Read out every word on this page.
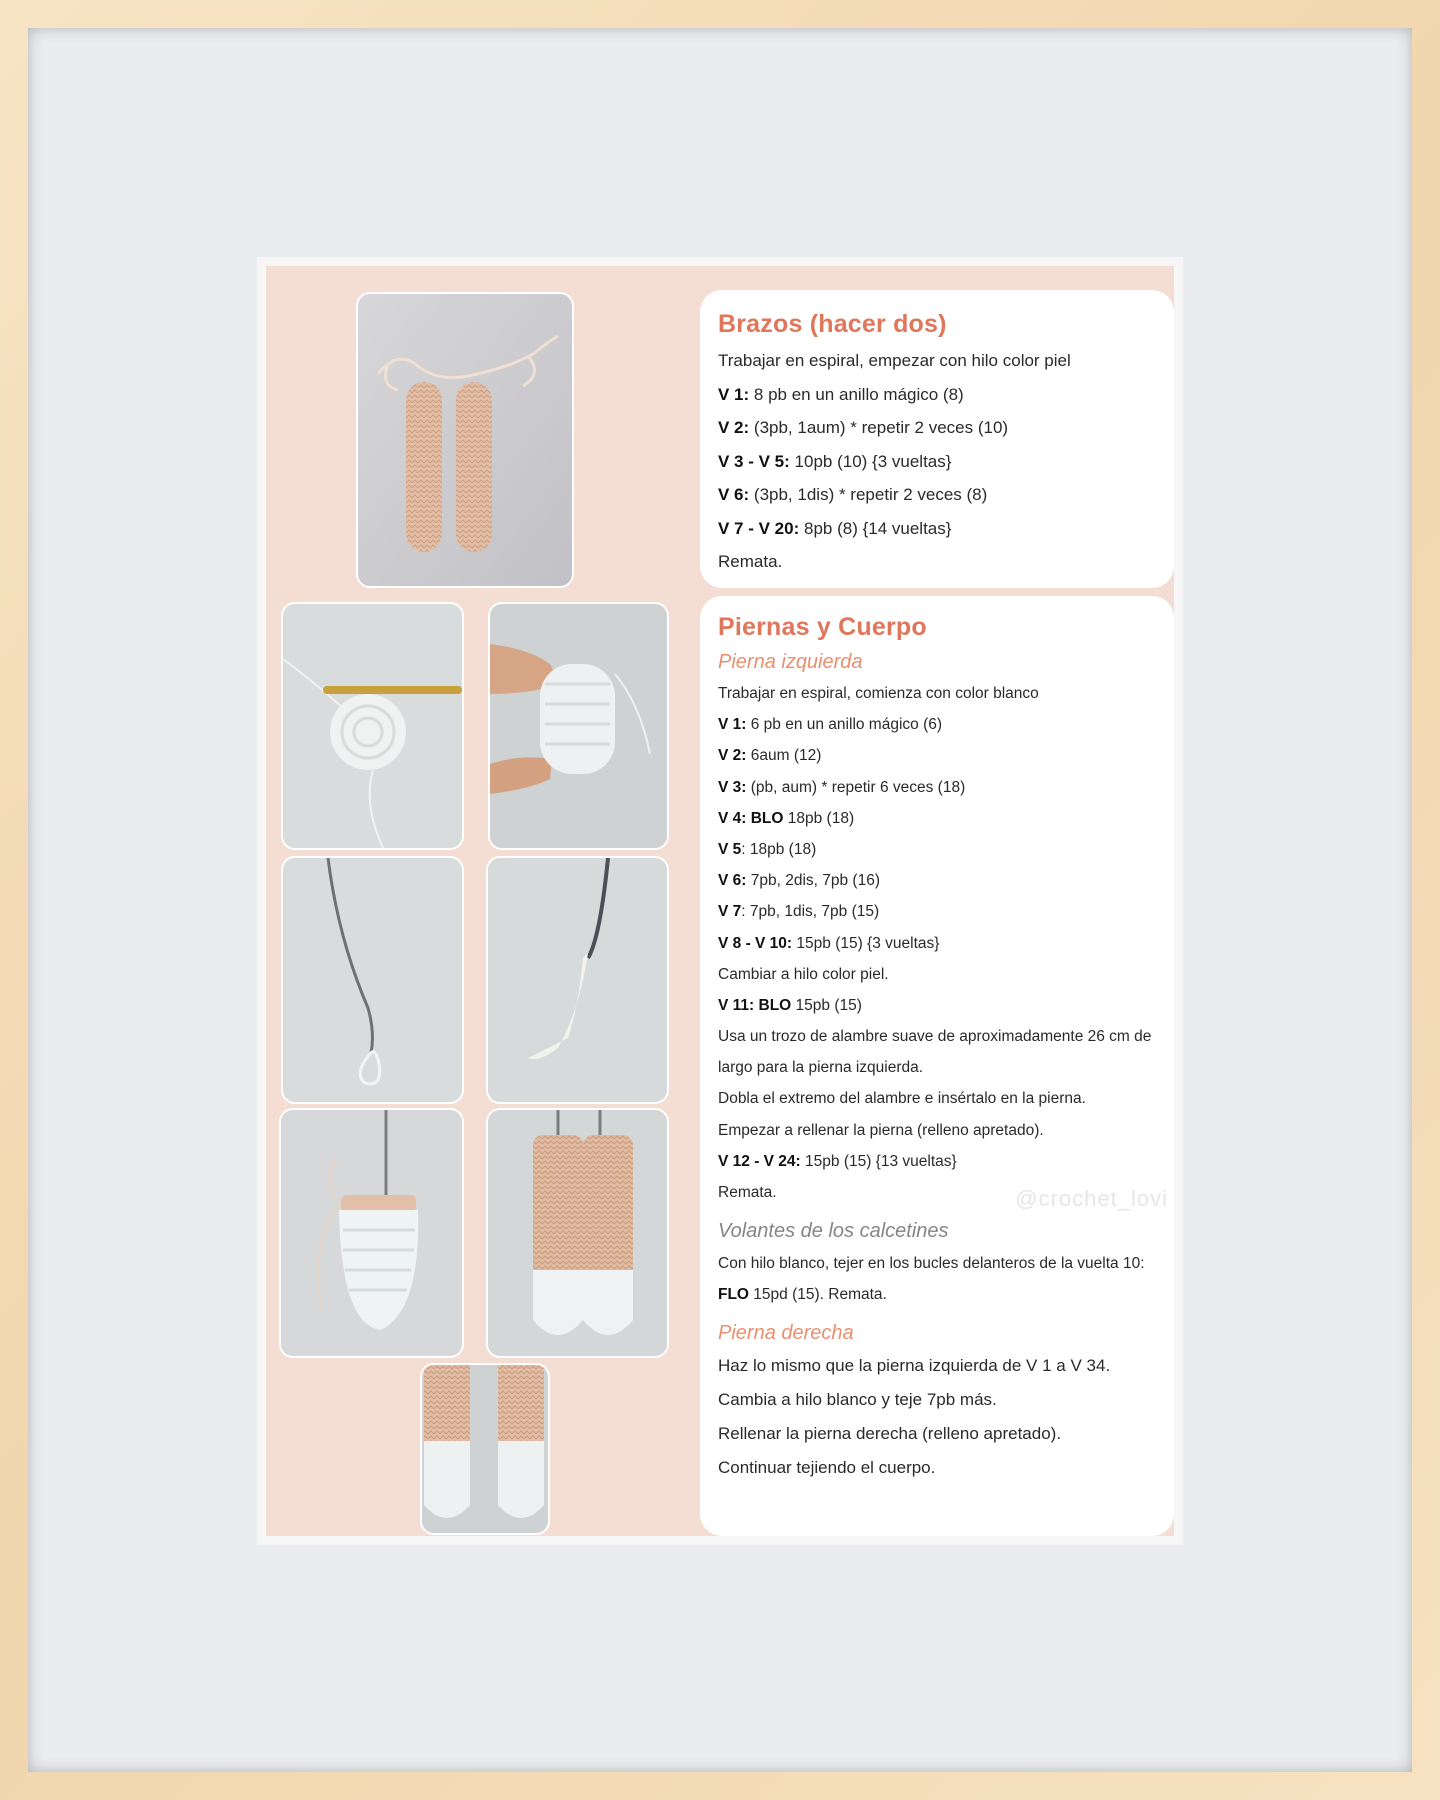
Brazos (hacer dos)
Trabajar en espiral, empezar con hilo color piel
V 1: 8 pb en un anillo mágico (8)
V 2: (3pb, 1aum) * repetir 2 veces (10)
V 3 - V 5: 10pb (10) {3 vueltas}
V 6: (3pb, 1dis) * repetir 2 veces (8)
V 7 - V 20: 8pb (8) {14 vueltas}
Remata.
Piernas y Cuerpo
Pierna izquierda
Trabajar en espiral, comienza con color blanco
V 1: 6 pb en un anillo mágico (6)
V 2: 6aum (12)
V 3: (pb, aum) * repetir 6 veces (18)
V 4: BLO 18pb (18)
V 5: 18pb (18)
V 6: 7pb, 2dis, 7pb (16)
V 7: 7pb, 1dis, 7pb (15)
V 8 - V 10: 15pb (15) {3 vueltas}
Cambiar a hilo color piel.
V 11: BLO 15pb (15)
Usa un trozo de alambre suave de aproximadamente 26 cm de
largo para la pierna izquierda.
Dobla el extremo del alambre e insértalo en la pierna.
Empezar a rellenar la pierna (relleno apretado).
V 12 - V 24: 15pb (15) {13 vueltas}
Remata.
Volantes de los calcetines
Con hilo blanco, tejer en los bucles delanteros de la vuelta 10:
FLO 15pd (15). Remata.
Pierna derecha
Haz lo mismo que la pierna izquierda de V 1 a V 34.
Cambia a hilo blanco y teje 7pb más.
Rellenar la pierna derecha (relleno apretado).
Continuar tejiendo el cuerpo.
@crochet_lovi
